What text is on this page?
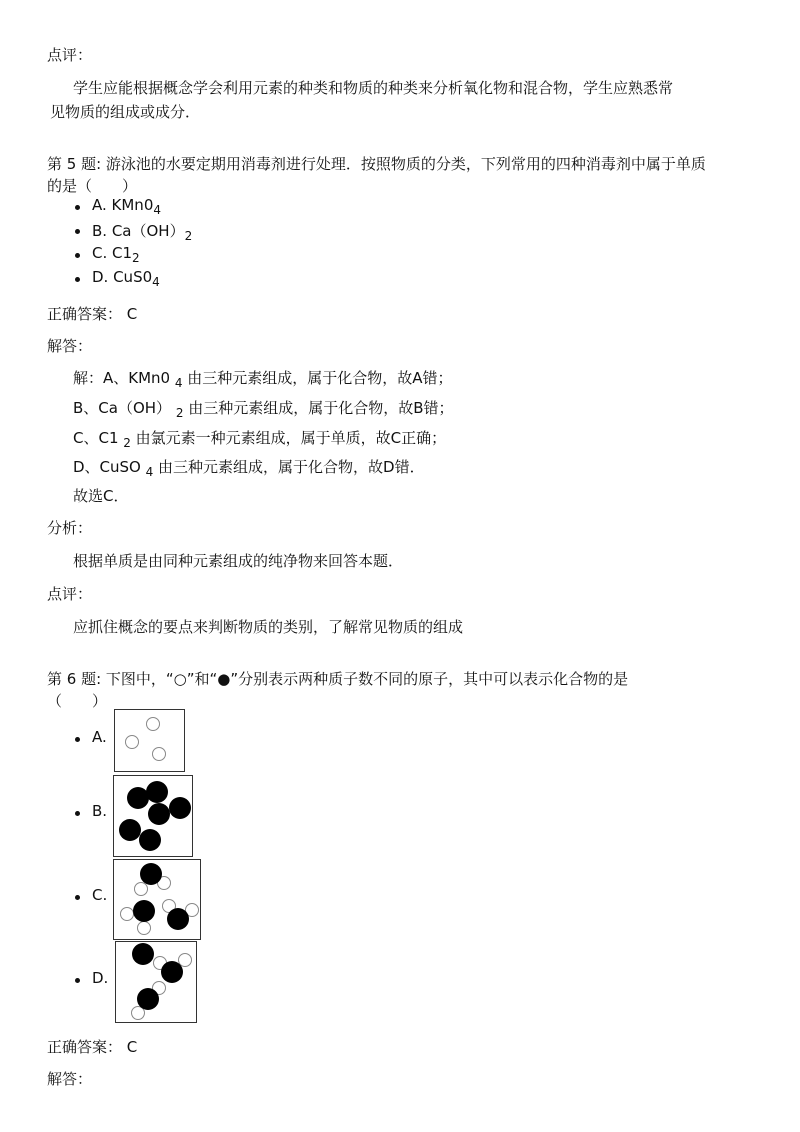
点评：
学生应能根据概念学会利用元素的种类和物质的种类来分析氧化物和混合物，学生应熟悉常
见物质的组成或成分．
第 5 题: 游泳池的水要定期用消毒剂进行处理．按照物质的分类，下列常用的四种消毒剂中属于单质
的是（　　）
A. $KMn0_4$
B. $Ca(OH)_2$
C. $C1_2$
D. $CuS0_4$
正确答案： C
解答：
解：A、KMn0 $_4$ 由三种元素组成，属于化合物，故A错；
B、Ca（OH） $_2$ 由三种元素组成，属于化合物，故B错；
C、C1 $_2$ 由氯元素一种元素组成，属于单质，故C正确；
D、CuSO $_4$ 由三种元素组成，属于化合物，故D错．
故选C．
分析：
根据单质是由同种元素组成的纯净物来回答本题．
点评：
应抓住概念的要点来判断物质的类别，了解常见物质的组成
第 6 题: 下图中，“○”和“●”分别表示两种质子数不同的原子，其中可以表示化合物的是
（　　）
A.
B.
C.
D.
正确答案： C
解答：
